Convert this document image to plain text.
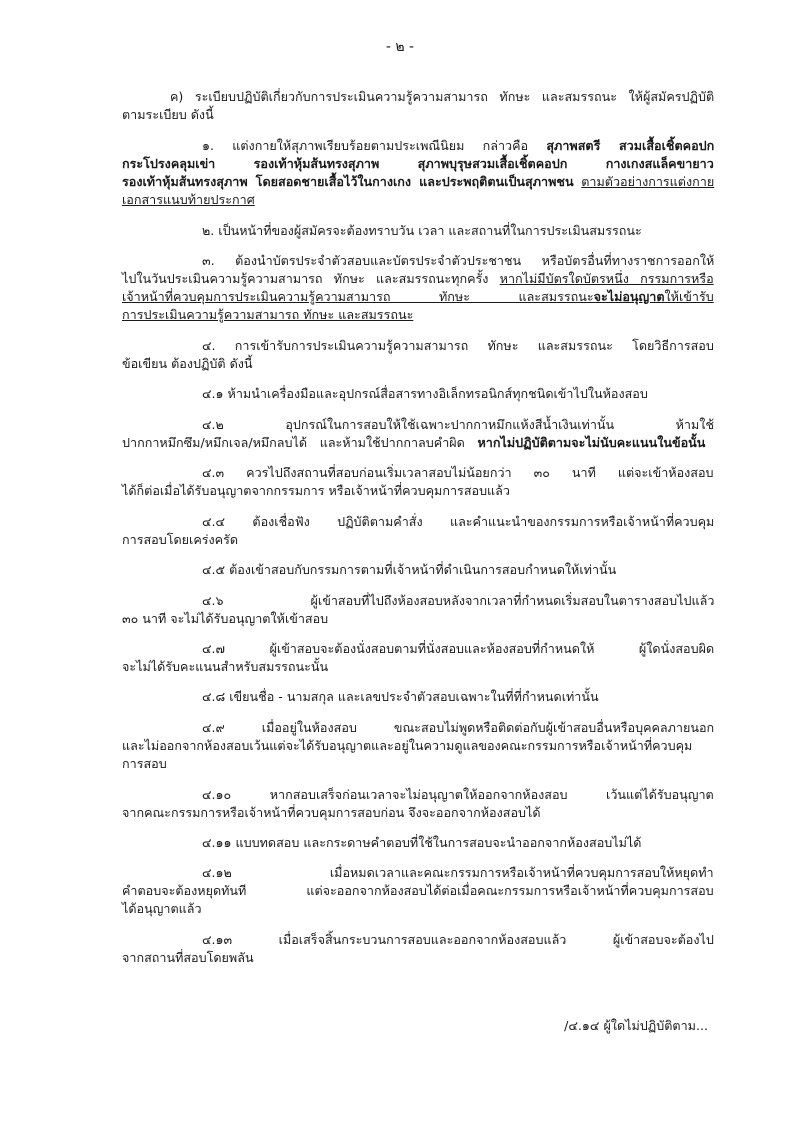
- ๒ -
ค) ระเบียบปฏิบัติเกี่ยวกับการประเมินความรู้ความสามารถ ทักษะ และสมรรถนะ ให้ผู้สมัครปฏิบัติ
ตามระเบียบ ดังนี้
๑. แต่งกายให้สุภาพเรียบร้อยตามประเพณีนิยม กล่าวคือ สุภาพสตรี สวมเสื้อเชิ้ตคอปก
กระโปรงคลุมเข่า รองเท้าหุ้มส้นทรงสุภาพ สุภาพบุรุษสวมเสื้อเชิ้ตคอปก กางเกงสแล็คขายาว
รองเท้าหุ้มส้นทรงสุภาพ โดยสอดชายเสื้อไว้ในกางเกง และประพฤติตนเป็นสุภาพชน ตามตัวอย่างการแต่งกาย
เอกสารแนบท้ายประกาศ
๒. เป็นหน้าที่ของผู้สมัครจะต้องทราบวัน เวลา และสถานที่ในการประเมินสมรรถนะ
๓. ต้องนำบัตรประจำตัวสอบและบัตรประจำตัวประชาชน หรือบัตรอื่นที่ทางราชการออกให้
ไปในวันประเมินความรู้ความสามารถ ทักษะ และสมรรถนะทุกครั้ง หากไม่มีบัตรใดบัตรหนึ่ง กรรมการหรือ
เจ้าหน้าที่ควบคุมการประเมินความรู้ความสามารถ ทักษะ และสมรรถนะจะไม่อนุญาตให้เข้ารับ
การประเมินความรู้ความสามารถ ทักษะ และสมรรถนะ
๔. การเข้ารับการประเมินความรู้ความสามารถ ทักษะ และสมรรถนะ โดยวิธีการสอบ
ข้อเขียน ต้องปฏิบัติ ดังนี้
๔.๑ ห้ามนำเครื่องมือและอุปกรณ์สื่อสารทางอิเล็กทรอนิกส์ทุกชนิดเข้าไปในห้องสอบ
๔.๒ อุปกรณ์ในการสอบให้ใช้เฉพาะปากกาหมึกแห้งสีน้ำเงินเท่านั้น ห้ามใช้
ปากกาหมึกซึม/หมึกเจล/หมึกลบได้ และห้ามใช้ปากกาลบคำผิด หากไม่ปฏิบัติตามจะไม่นับคะแนนในข้อนั้น
๔.๓ ควรไปถึงสถานที่สอบก่อนเริ่มเวลาสอบไม่น้อยกว่า ๓๐ นาที แต่จะเข้าห้องสอบ
ได้ก็ต่อเมื่อได้รับอนุญาตจากกรรมการ หรือเจ้าหน้าที่ควบคุมการสอบแล้ว
๔.๔ ต้องเชื่อฟัง ปฏิบัติตามคำสั่ง และคำแนะนำของกรรมการหรือเจ้าหน้าที่ควบคุม
การสอบโดยเคร่งครัด
๔.๕ ต้องเข้าสอบกับกรรมการตามที่เจ้าหน้าที่ดำเนินการสอบกำหนดให้เท่านั้น
๔.๖ ผู้เข้าสอบที่ไปถึงห้องสอบหลังจากเวลาที่กำหนดเริ่มสอบในตารางสอบไปแล้ว
๓๐ นาที จะไม่ได้รับอนุญาตให้เข้าสอบ
๔.๗ ผู้เข้าสอบจะต้องนั่งสอบตามที่นั่งสอบและห้องสอบที่กำหนดให้ ผู้ใดนั่งสอบผิด
จะไม่ได้รับคะแนนสำหรับสมรรถนะนั้น
๔.๘ เขียนชื่อ - นามสกุล และเลขประจำตัวสอบเฉพาะในที่ที่กำหนดเท่านั้น
๔.๙ เมื่ออยู่ในห้องสอบ ขณะสอบไม่พูดหรือติดต่อกับผู้เข้าสอบอื่นหรือบุคคลภายนอก
และไม่ออกจากห้องสอบเว้นแต่จะได้รับอนุญาตและอยู่ในความดูแลของคณะกรรมการหรือเจ้าหน้าที่ควบคุม
การสอบ
๔.๑๐ หากสอบเสร็จก่อนเวลาจะไม่อนุญาตให้ออกจากห้องสอบ เว้นแต่ได้รับอนุญาต
จากคณะกรรมการหรือเจ้าหน้าที่ควบคุมการสอบก่อน จึงจะออกจากห้องสอบได้
๔.๑๑ แบบทดสอบ และกระดาษคำตอบที่ใช้ในการสอบจะนำออกจากห้องสอบไม่ได้
๔.๑๒ เมื่อหมดเวลาและคณะกรรมการหรือเจ้าหน้าที่ควบคุมการสอบให้หยุดทำ
คำตอบจะต้องหยุดทันที แต่จะออกจากห้องสอบได้ต่อเมื่อคณะกรรมการหรือเจ้าหน้าที่ควบคุมการสอบ
ได้อนุญาตแล้ว
๔.๑๓ เมื่อเสร็จสิ้นกระบวนการสอบและออกจากห้องสอบแล้ว ผู้เข้าสอบจะต้องไป
จากสถานที่สอบโดยพลัน
/๔.๑๔ ผู้ใดไม่ปฏิบัติตาม...
